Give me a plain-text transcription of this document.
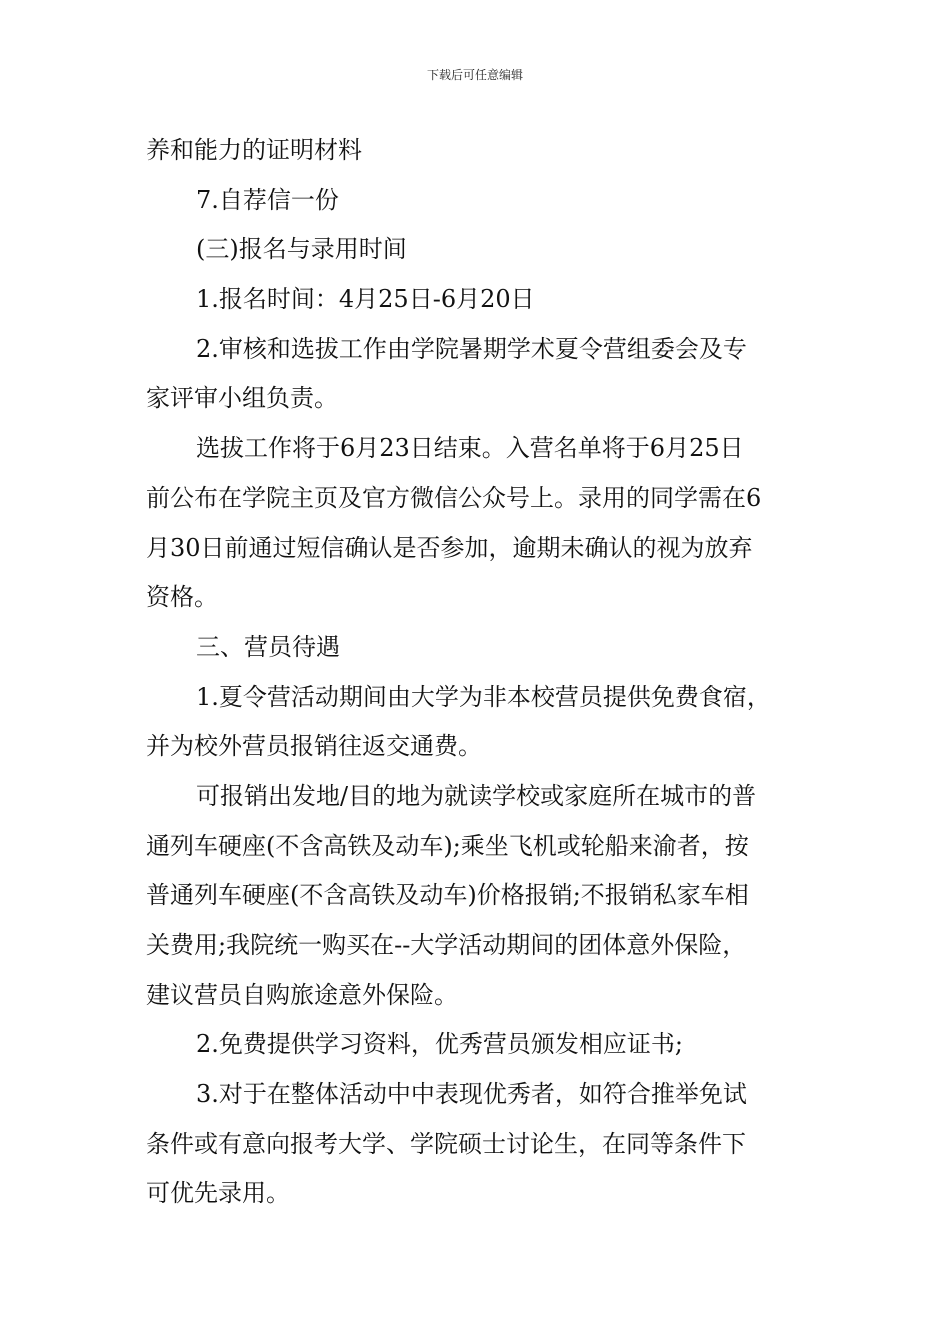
下载后可任意编辑
养和能力的证明材料
7.自荐信一份
(三)报名与录用时间
1.报名时间：4月25日-6月20日
2.审核和选拔工作由学院暑期学术夏令营组委会及专
家评审小组负责。
选拔工作将于6月23日结束。入营名单将于6月25日
前公布在学院主页及官方微信公众号上。录用的同学需在6
月30日前通过短信确认是否参加，逾期未确认的视为放弃
资格。
三、营员待遇
1.夏令营活动期间由大学为非本校营员提供免费食宿，
并为校外营员报销往返交通费。
可报销出发地/目的地为就读学校或家庭所在城市的普
通列车硬座(不含高铁及动车);乘坐飞机或轮船来渝者，按
普通列车硬座(不含高铁及动车)价格报销;不报销私家车相
关费用;我院统一购买在--大学活动期间的团体意外保险，
建议营员自购旅途意外保险。
2.免费提供学习资料，优秀营员颁发相应证书;
3.对于在整体活动中中表现优秀者，如符合推举免试
条件或有意向报考大学、学院硕士讨论生，在同等条件下
可优先录用。
